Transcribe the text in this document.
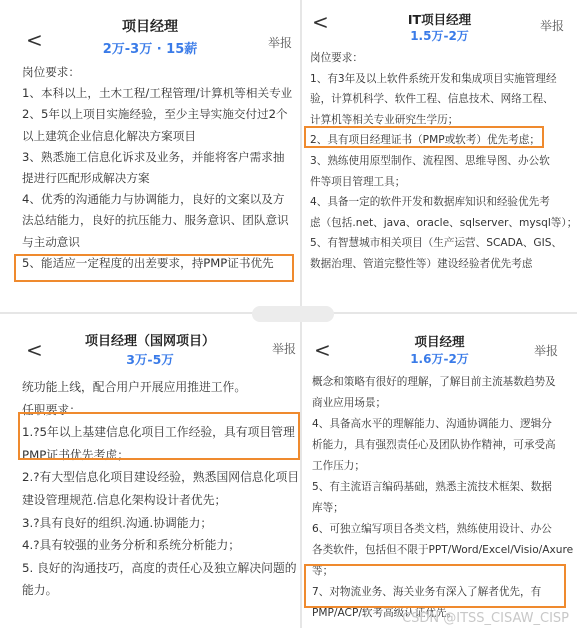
<
项目经理
2万-3万 · 15薪	举报
岗位要求：
1、本科以上，土木工程/工程管理/计算机等相关专业
2、5年以上项目实施经验，至少主导实施交付过2个
以上建筑企业信息化解决方案项目
3、熟悉施工信息化诉求及业务，并能将客户需求抽
提进行匹配形成解决方案
4、优秀的沟通能力与协调能力，良好的文案以及方
法总结能力，良好的抗压能力、服务意识、团队意识
与主动意识
5、能适应一定程度的出差要求，持PMP证书优先
<	IT项目经理
1.5万-2万
举报
岗位要求：
1、有3年及以上软件系统开发和集成项目实施管理经
验，计算机科学、软件工程、信息技术、网络工程、
计算机等相关专业研究生学历；
2、具有项目经理证书（PMP或软考）优先考虑；
3、熟练使用原型制作、流程图、思维导图、办公软
件等项目管理工具；
4、具备一定的软件开发和数据库知识和经验优先考
虑（包括.net、java、oracle、sqlserver、mysql等）；
5、有智慧城市相关项目（生产运营、SCADA、GIS、
数据治理、管道完整性等）建设经验者优先考虑
<	项目经理（国网项目）
3万-5万
举报
统功能上线，配合用户开展应用推进工作。
任职要求：
1.?5年以上基建信息化项目工作经验，具有项目管理
PMP证书优先考虑；
2.?有大型信息化项目建设经验，熟悉国网信息化项目
建设管理规范.信息化架构设计者优先；
3.?具有良好的组织.沟通.协调能力；
4.?具有较强的业务分析和系统分析能力；
5. 良好的沟通技巧，高度的责任心及独立解决问题的
能力。
<	项目经理
1.6万-2万
举报
概念和策略有很好的理解，了解目前主流基数趋势及
商业应用场景；
4、具备高水平的理解能力、沟通协调能力、逻辑分
析能力，具有强烈责任心及团队协作精神，可承受高
工作压力；
5、有主流语言编码基础，熟悉主流技术框架、数据
库等；
6、可独立编写项目各类文档，熟练使用设计、办公
各类软件，包括但不限于PPT/Word/Excel/Visio/Axure
等；
7、对物流业务、海关业务有深入了解者优先，有
PMP/ACP/软考高级认证优先。
CSDN @ITSS_CISAW_CISP
